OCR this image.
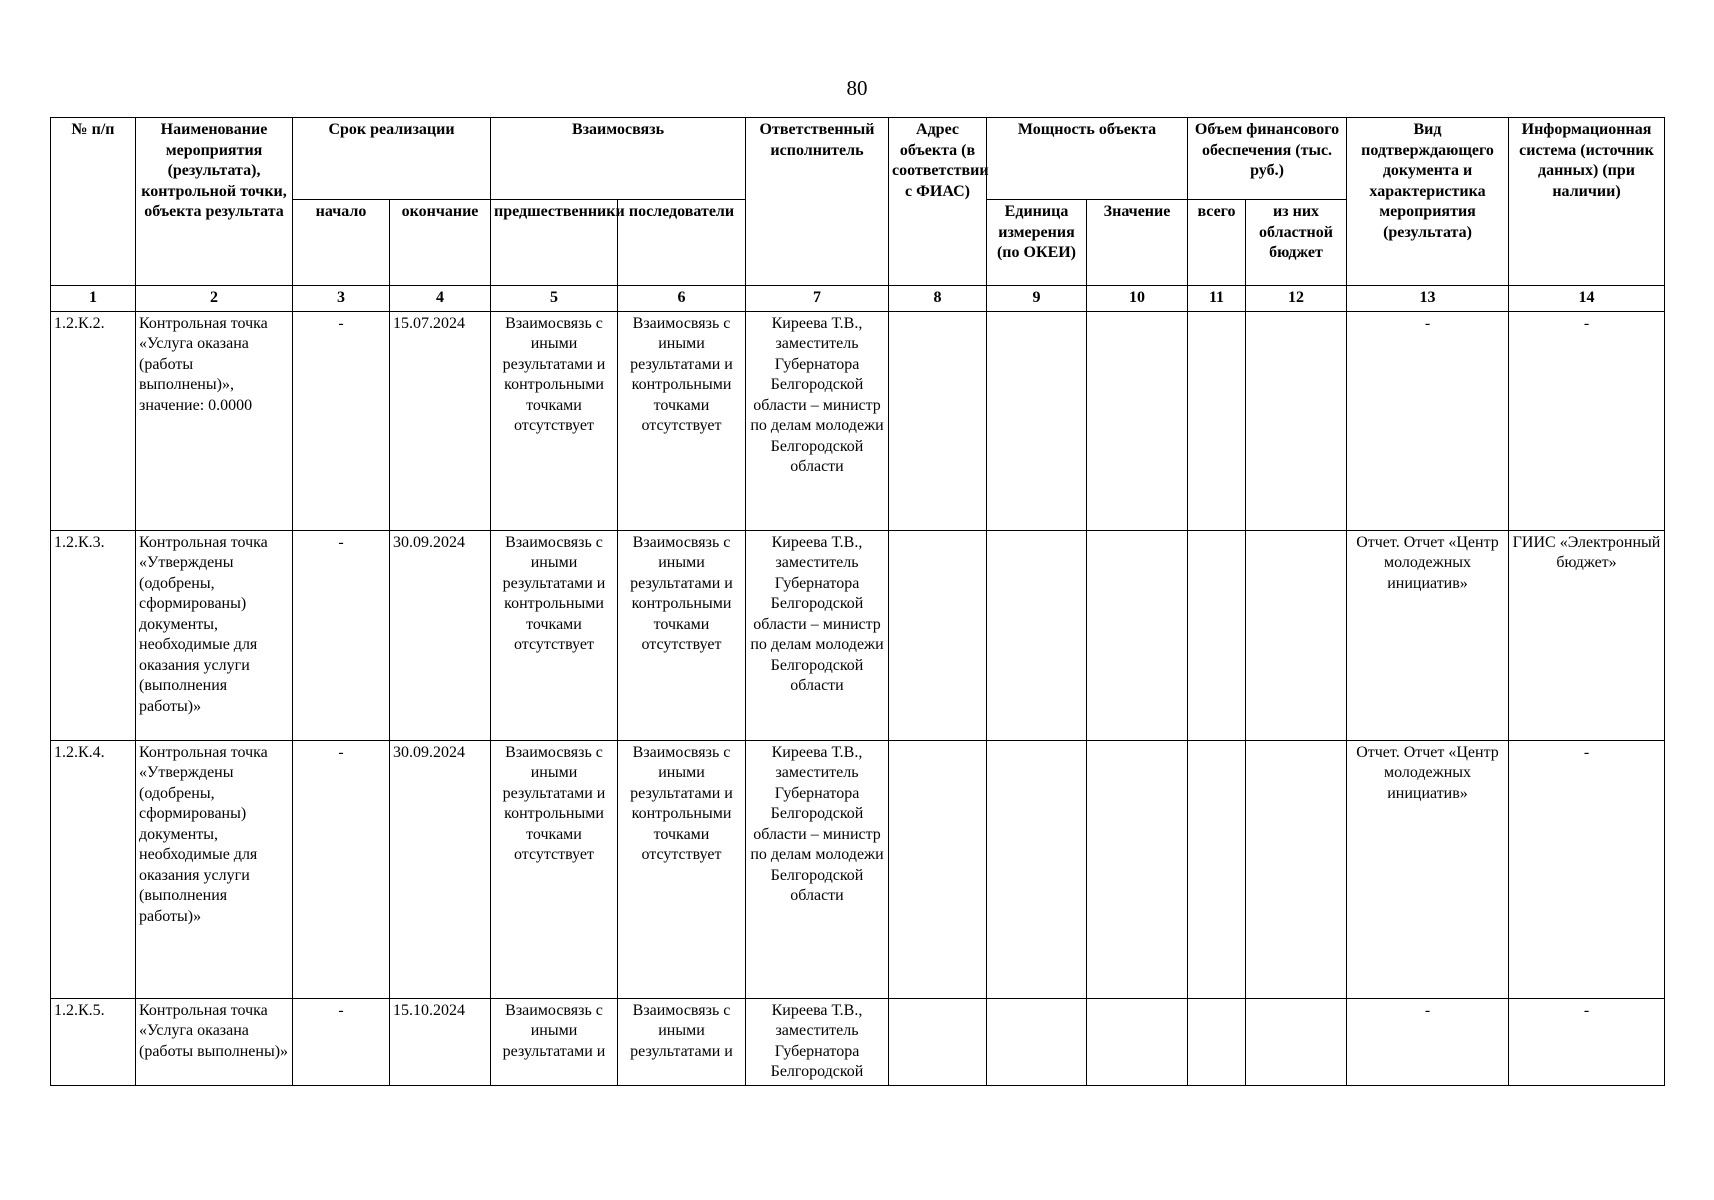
80
№ п/п	Наименование мероприятия (результата), контрольной точки, объекта результата	Срок реализации		Взаимосвязь		Ответственный исполнитель	Адрес объекта (в соответствии с ФИАС)	Мощность объекта		Объем финансового обеспечения (тыс. руб.)		Вид подтверждающего документа и характеристика мероприятия (результата)	Информационная система (источник данных) (при наличии)
		начало	окончание	предшественники	последователи			Единица измерения (по ОКЕИ)	Значение	всего	из них областной бюджет		
1	2	3	4	5	6	7	8	9	10	11	12	13	14
1.2.К.2.	Контрольная точка «Услуга оказана (работы выполнены)», значение: 0.0000	-	15.07.2024	Взаимосвязь с иными результатами и контрольными точками отсутствует	Взаимосвязь с иными результатами и контрольными точками отсутствует	Киреева Т.В., заместитель Губернатора Белгородской области – министр по делам молодежи Белгородской области						-	-
1.2.К.3.	Контрольная точка «Утверждены (одобрены, сформированы) документы, необходимые для оказания услуги (выполнения работы)»	-	30.09.2024	Взаимосвязь с иными результатами и контрольными точками отсутствует	Взаимосвязь с иными результатами и контрольными точками отсутствует	Киреева Т.В., заместитель Губернатора Белгородской области – министр по делам молодежи Белгородской области						Отчет. Отчет «Центр молодежных инициатив»	ГИИС «Электронный бюджет»
1.2.К.4.	Контрольная точка «Утверждены (одобрены, сформированы) документы, необходимые для оказания услуги (выполнения работы)»	-	30.09.2024	Взаимосвязь с иными результатами и контрольными точками отсутствует	Взаимосвязь с иными результатами и контрольными точками отсутствует	Киреева Т.В., заместитель Губернатора Белгородской области – министр по делам молодежи Белгородской области						Отчет. Отчет «Центр молодежных инициатив»	-
1.2.К.5.	Контрольная точка «Услуга оказана (работы выполнены)»	-	15.10.2024	Взаимосвязь с иными результатами и	Взаимосвязь с иными результатами и	Киреева Т.В., заместитель Губернатора Белгородской						-	-
